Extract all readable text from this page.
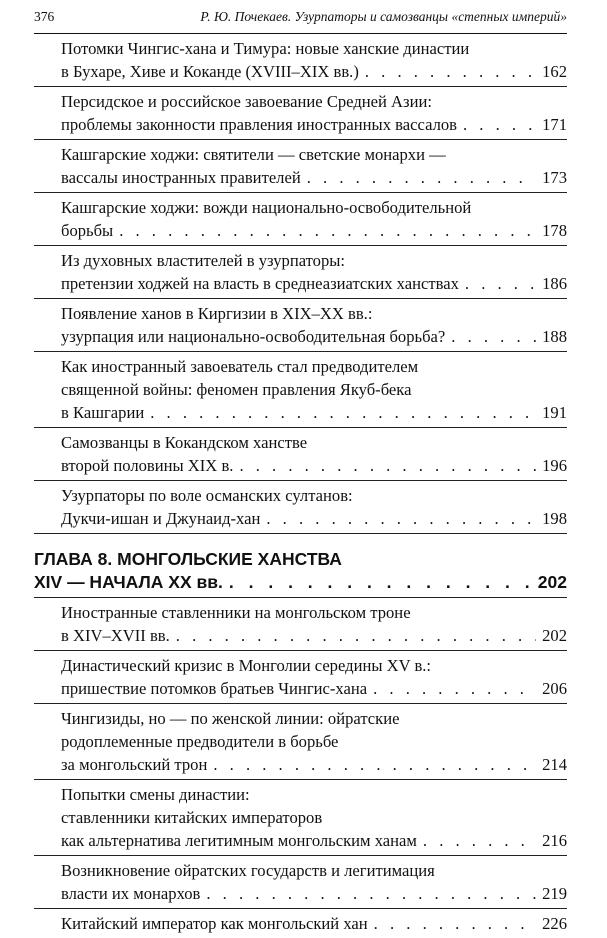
376	Р. Ю. Почекаев. Узурпаторы и самозванцы «степных империй»
Потомки Чингис-хана и Тимура: новые ханские династии
в Бухаре, Хиве и Коканде (XVIII–XIX вв.) . . .	162
Персидское и российское завоевание Средней Азии:
проблемы законности правления иностранных вассалов . . .	171
Кашгарские ходжи: святители — светские монархи —
вассалы иностранных правителей . . .	173
Кашгарские ходжи: вожди национально-освободительной
борьбы . . .	178
Из духовных властителей в узурпаторы:
претензии ходжей на власть в среднеазиатских ханствах . . .	186
Появление ханов в Киргизии в XIX–XX вв.:
узурпация или национально-освободительная борьба? . . .	188
Как иностранный завоеватель стал предводителем
священной войны: феномен правления Якуб-бека
в Кашгарии . . .	191
Самозванцы в Кокандском ханстве
второй половины XIX в. . . .	196
Узурпаторы по воле османских султанов:
Дукчи-ишан и Джунаид-хан . . .	198
ГЛАВА 8. МОНГОЛЬСКИЕ ХАНСТВА
XIV — НАЧАЛА XX вв. . . .	202
Иностранные ставленники на монгольском троне
в XIV–XVII вв. . . .	202
Династический кризис в Монголии середины XV в.:
пришествие потомков братьев Чингис-хана . . .	206
Чингизиды, но — по женской линии: ойратские
родоплеменные предводители в борьбе
за монгольский трон . . .	214
Попытки смены династии:
ставленники китайских императоров
как альтернатива легитимным монгольским ханам . . .	216
Возникновение ойратских государств и легитимация
власти их монархов . . .	219
Китайский император как монгольский хан . . .	226
